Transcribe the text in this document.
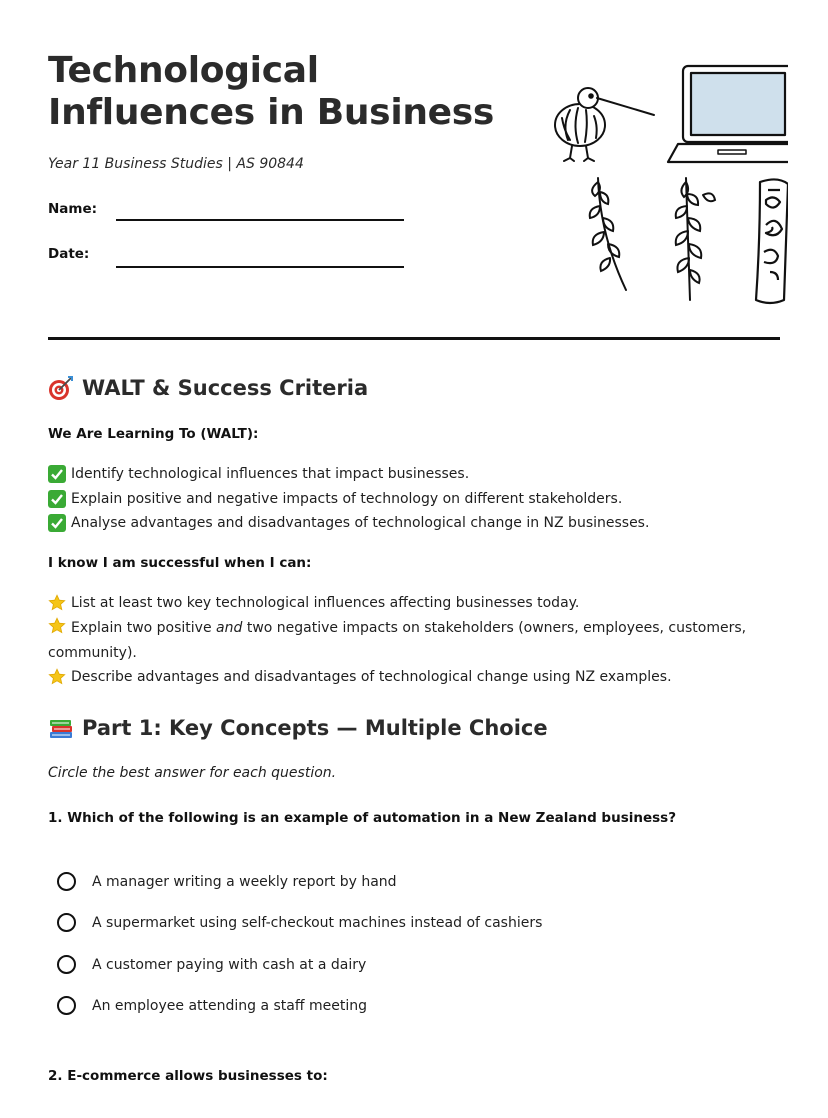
Technological
Influences in Business
Year 11 Business Studies | AS 90844
Name:
Date:
WALT & Success Criteria
We Are Learning To (WALT):
Identify technological influences that impact businesses.
Explain positive and negative impacts of technology on different stakeholders.
Analyse advantages and disadvantages of technological change in NZ businesses.
I know I am successful when I can:
List at least two key technological influences affecting businesses today.
Explain two positive and two negative impacts on stakeholders (owners, employees, customers, community).
Describe advantages and disadvantages of technological change using NZ examples.
Part 1: Key Concepts — Multiple Choice
Circle the best answer for each question.
1. Which of the following is an example of automation in a New Zealand business?
A manager writing a weekly report by hand
A supermarket using self-checkout machines instead of cashiers
A customer paying with cash at a dairy
An employee attending a staff meeting
2. E-commerce allows businesses to:
